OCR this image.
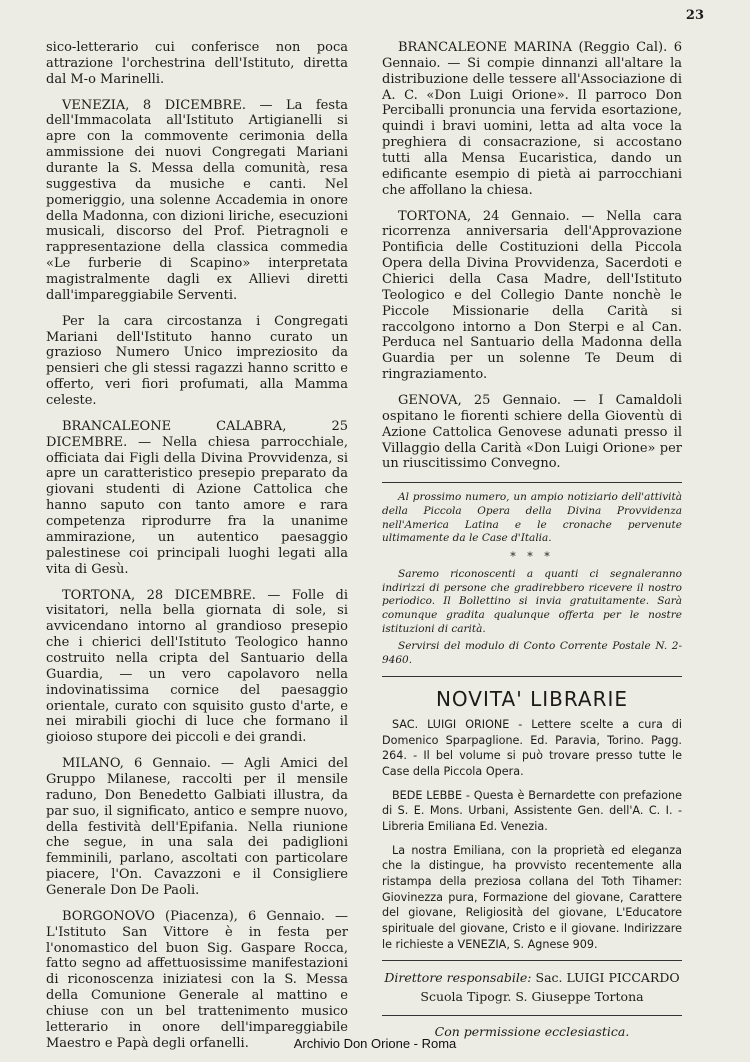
23

sico-letterario cui conferisce non poca attrazione l'orchestrina dell'Istituto, diretta dal M-o Marinelli.

VENEZIA, 8 DICEMBRE. — La festa dell'Immacolata all'Istituto Artigianelli si apre con la commovente cerimonia della ammissione dei nuovi Congregati Mariani durante la S. Messa della comunità, resa suggestiva da musiche e canti. Nel pomeriggio, una solenne Accademia in onore della Madonna, con dizioni liriche, esecuzioni musicali, discorso del Prof. Pietragnoli e rappresentazione della classica commedia «Le furberie di Scapino» interpretata magistralmente dagli ex Allievi diretti dall'impareggiabile Serventi.

Per la cara circostanza i Congregati Mariani dell'Istituto hanno curato un grazioso Numero Unico impreziosito da pensieri che gli stessi ragazzi hanno scritto e offerto, veri fiori profumati, alla Mamma celeste.

BRANCALEONE CALABRA, 25 DICEMBRE. — Nella chiesa parrocchiale, officiata dai Figli della Divina Provvidenza, si apre un caratteristico presepio preparato da giovani studenti di Azione Cattolica che hanno saputo con tanto amore e rara competenza riprodurre fra la unanime ammirazione, un autentico paesaggio palestinese coi principali luoghi legati alla vita di Gesù.

TORTONA, 28 DICEMBRE. — Folle di visitatori, nella bella giornata di sole, si avvicendano intorno al grandioso presepio che i chierici dell'Istituto Teologico hanno costruito nella cripta del Santuario della Guardia, — un vero capolavoro nella indovinatissima cornice del paesaggio orientale, curato con squisito gusto d'arte, e nei mirabili giochi di luce che formano il gioioso stupore dei piccoli e dei grandi.

MILANO, 6 Gennaio. — Agli Amici del Gruppo Milanese, raccolti per il mensile raduno, Don Benedetto Galbiati illustra, da par suo, il significato, antico e sempre nuovo, della festività dell'Epifania. Nella riunione che segue, in una sala dei padiglioni femminili, parlano, ascoltati con particolare piacere, l'On. Cavazzoni e il Consigliere Generale Don De Paoli.

BORGONOVO (Piacenza), 6 Gennaio. — L'Istituto San Vittore è in festa per l'onomastico del buon Sig. Gaspare Rocca, fatto segno ad affettuosissime manifestazioni di riconoscenza iniziatesi con la S. Messa della Comunione Generale al mattino e chiuse con un bel trattenimento musico letterario in onore dell'impareggiabile Maestro e Papà degli orfanelli.

BRANCALEONE MARINA (Reggio Cal). 6 Gennaio. — Si compie dinnanzi all'altare la distribuzione delle tessere all'Associazione di A. C. «Don Luigi Orione». Il parroco Don Perciballi pronuncia una fervida esortazione, quindi i bravi uomini, letta ad alta voce la preghiera di consacrazione, si accostano tutti alla Mensa Eucaristica, dando un edificante esempio di pietà ai parrocchiani che affollano la chiesa.

TORTONA, 24 Gennaio. — Nella cara ricorrenza anniversaria dell'Approvazione Pontificia delle Costituzioni della Piccola Opera della Divina Provvidenza, Sacerdoti e Chierici della Casa Madre, dell'Istituto Teologico e del Collegio Dante nonchè le Piccole Missionarie della Carità si raccolgono intorno a Don Sterpi e al Can. Perduca nel Santuario della Madonna della Guardia per un solenne Te Deum di ringraziamento.

GENOVA, 25 Gennaio. — I Camaldoli ospitano le fiorenti schiere della Gioventù di Azione Cattolica Genovese adunati presso il Villaggio della Carità «Don Luigi Orione» per un riuscitissimo Convegno.

Al prossimo numero, un ampio notiziario dell'attività della Piccola Opera della Divina Provvidenza nell'America Latina e le cronache pervenute ultimamente da le Case d'Italia.

* * *

Saremo riconoscenti a quanti ci segnaleranno indirizzi di persone che gradirebbero ricevere il nostro periodico. Il Bollettino si invia gratuitamente. Sarà comunque gradita qualunque offerta per le nostre istituzioni di carità.

Servirsi del modulo di Conto Corrente Postale N. 2-9460.

NOVITA' LIBRARIE

SAC. LUIGI ORIONE - Lettere scelte a cura di Domenico Sparpaglione. Ed. Paravia, Torino. Pagg. 264. - Il bel volume si può trovare presso tutte le Case della Piccola Opera.

BEDE LEBBE - Questa è Bernardette con prefazione di S. E. Mons. Urbani, Assistente Gen. dell'A. C. I. - Libreria Emiliana Ed. Venezia.

La nostra Emiliana, con la proprietà ed eleganza che la distingue, ha provvisto recentemente alla ristampa della preziosa collana del Toth Tihamer: Giovinezza pura, Formazione del giovane, Carattere del giovane, Religiosità del giovane, L'Educatore spirituale del giovane, Cristo e il giovane. Indirizzare le richieste a VENEZIA, S. Agnese 909.

Direttore responsabile: Sac. LUIGI PICCARDO
Scuola Tipogr. S. Giuseppe Tortona
Con permissione ecclesiastica.
Archivio Don Orione - Roma
